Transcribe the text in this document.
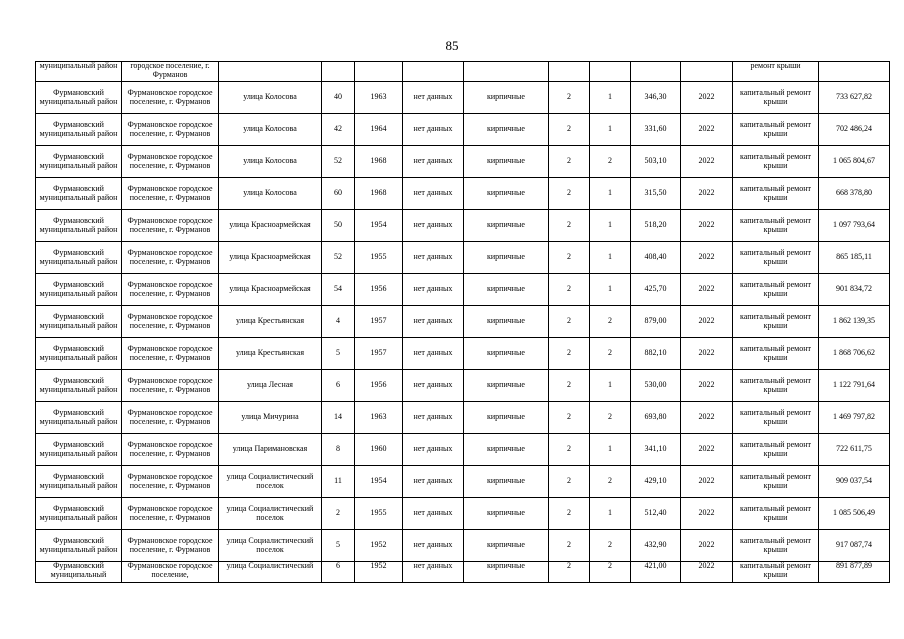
85
муниципальный район	городское поселение, г. Фурманов										ремонт крыши	
Фурмановский муниципальный район	Фурмановское городское поселение, г. Фурманов	улица Колосова	40	1963	нет данных	кирпичные	2	1	346,30	2022	капитальный ремонт крыши	733 627,82
Фурмановский муниципальный район	Фурмановское городское поселение, г. Фурманов	улица Колосова	42	1964	нет данных	кирпичные	2	1	331,60	2022	капитальный ремонт крыши	702 486,24
Фурмановский муниципальный район	Фурмановское городское поселение, г. Фурманов	улица Колосова	52	1968	нет данных	кирпичные	2	2	503,10	2022	капитальный ремонт крыши	1 065 804,67
Фурмановский муниципальный район	Фурмановское городское поселение, г. Фурманов	улица Колосова	60	1968	нет данных	кирпичные	2	1	315,50	2022	капитальный ремонт крыши	668 378,80
Фурмановский муниципальный район	Фурмановское городское поселение, г. Фурманов	улица Красноармейская	50	1954	нет данных	кирпичные	2	1	518,20	2022	капитальный ремонт крыши	1 097 793,64
Фурмановский муниципальный район	Фурмановское городское поселение, г. Фурманов	улица Красноармейская	52	1955	нет данных	кирпичные	2	1	408,40	2022	капитальный ремонт крыши	865 185,11
Фурмановский муниципальный район	Фурмановское городское поселение, г. Фурманов	улица Красноармейская	54	1956	нет данных	кирпичные	2	1	425,70	2022	капитальный ремонт крыши	901 834,72
Фурмановский муниципальный район	Фурмановское городское поселение, г. Фурманов	улица Крестьянская	4	1957	нет данных	кирпичные	2	2	879,00	2022	капитальный ремонт крыши	1 862 139,35
Фурмановский муниципальный район	Фурмановское городское поселение, г. Фурманов	улица Крестьянская	5	1957	нет данных	кирпичные	2	2	882,10	2022	капитальный ремонт крыши	1 868 706,62
Фурмановский муниципальный район	Фурмановское городское поселение, г. Фурманов	улица Лесная	6	1956	нет данных	кирпичные	2	1	530,00	2022	капитальный ремонт крыши	1 122 791,64
Фурмановский муниципальный район	Фурмановское городское поселение, г. Фурманов	улица Мичурина	14	1963	нет данных	кирпичные	2	2	693,80	2022	капитальный ремонт крыши	1 469 797,82
Фурмановский муниципальный район	Фурмановское городское поселение, г. Фурманов	улица Паримановская	8	1960	нет данных	кирпичные	2	1	341,10	2022	капитальный ремонт крыши	722 611,75
Фурмановский муниципальный район	Фурмановское городское поселение, г. Фурманов	улица Социалистический поселок	11	1954	нет данных	кирпичные	2	2	429,10	2022	капитальный ремонт крыши	909 037,54
Фурмановский муниципальный район	Фурмановское городское поселение, г. Фурманов	улица Социалистический поселок	2	1955	нет данных	кирпичные	2	1	512,40	2022	капитальный ремонт крыши	1 085 506,49
Фурмановский муниципальный район	Фурмановское городское поселение, г. Фурманов	улица Социалистический поселок	5	1952	нет данных	кирпичные	2	2	432,90	2022	капитальный ремонт крыши	917 087,74
Фурмановский муниципальный	Фурмановское городское поселение,	улица Социалистический	6	1952	нет данных	кирпичные	2	2	421,00	2022	капитальный ремонт крыши	891 877,89
